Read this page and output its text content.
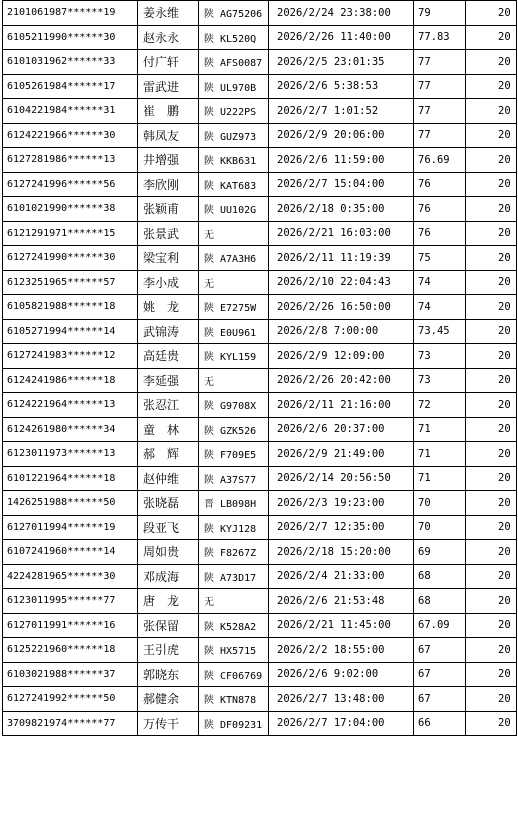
2101061987******19	姜永维	陕 AG75206	2026/2/24 23:38:00	79	20
6105211990******30	赵永永	陕 KL520Q	2026/2/26 11:40:00	77.83	20
6101031962******33	付广轩	陕 AFS0087	2026/2/5 23:01:35	77	20
6105261984******17	雷武进	陕 UL970B	2026/2/6 5:38:53	77	20
6104221984******31	崔　鹏	陕 U222PS	2026/2/7 1:01:52	77	20
6124221966******30	韩凤友	陕 GUZ973	2026/2/9 20:06:00	77	20
6127281986******13	井增强	陕 KKB631	2026/2/6 11:59:00	76.69	20
6127241996******56	李欣刚	陕 KAT683	2026/2/7 15:04:00	76	20
6101021990******38	张颖甫	陕 UU102G	2026/2/18 0:35:00	76	20
6121291971******15	张景武	无	2026/2/21 16:03:00	76	20
6127241990******30	梁宝利	陕 A7A3H6	2026/2/11 11:19:39	75	20
6123251965******57	李小成	无	2026/2/10 22:04:43	74	20
6105821988******18	姚　龙	陕 E7275W	2026/2/26 16:50:00	74	20
6105271994******14	武锦涛	陕 E0U961	2026/2/8 7:00:00	73.45	20
6127241983******12	高廷贵	陕 KYL159	2026/2/9 12:09:00	73	20
6124241986******18	李延强	无	2026/2/26 20:42:00	73	20
6124221964******13	张忍江	陕 G9708X	2026/2/11 21:16:00	72	20
6124261980******34	童　林	陕 GZK526	2026/2/6 20:37:00	71	20
6123011973******13	郝　辉	陕 F709E5	2026/2/9 21:49:00	71	20
6101221964******18	赵仲维	陕 A37S77	2026/2/14 20:56:50	71	20
1426251988******50	张晓磊	晋 LB098H	2026/2/3 19:23:00	70	20
6127011994******19	段亚飞	陕 KYJ128	2026/2/7 12:35:00	70	20
6107241960******14	周如贵	陕 F8267Z	2026/2/18 15:20:00	69	20
4224281965******30	邓成海	陕 A73D17	2026/2/4 21:33:00	68	20
6123011995******77	唐　龙	无	2026/2/6 21:53:48	68	20
6127011991******16	张保留	陕 K528A2	2026/2/21 11:45:00	67.09	20
6125221960******18	王引虎	陕 HX5715	2026/2/2 18:55:00	67	20
6103021988******37	郭晓东	陕 CF06769	2026/2/6 9:02:00	67	20
6127241992******50	郝健余	陕 KTN878	2026/2/7 13:48:00	67	20
3709821974******77	万传干	陕 DF09231	2026/2/7 17:04:00	66	20
